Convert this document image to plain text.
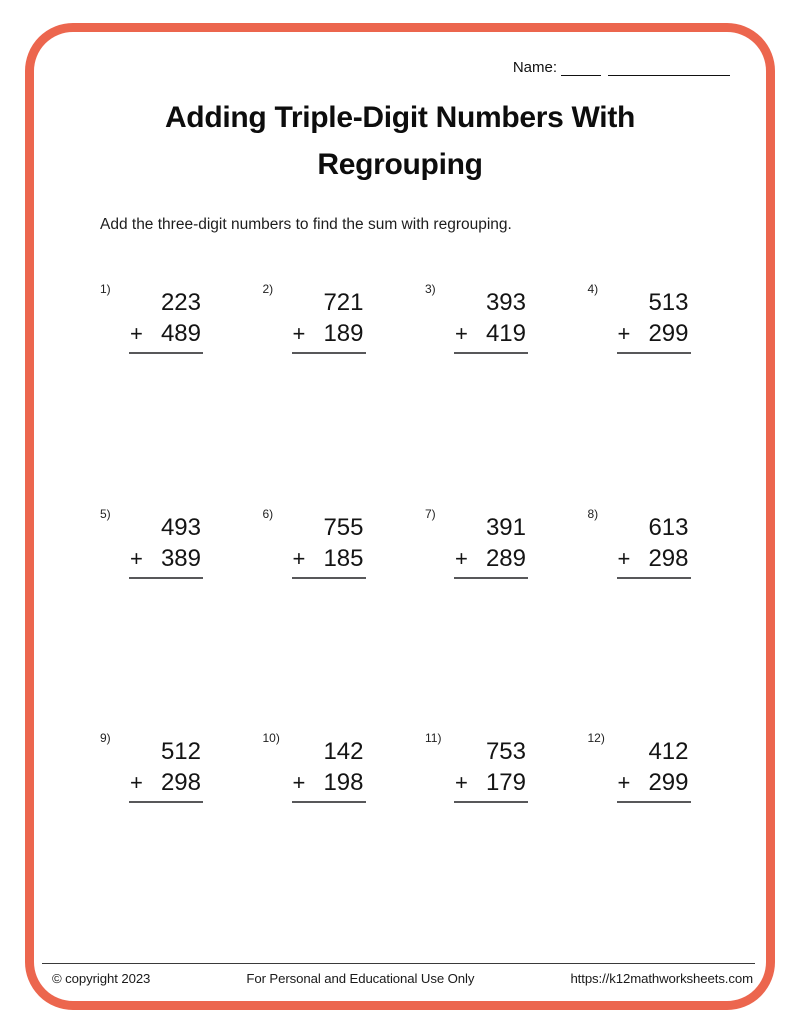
Name:
Adding Triple-Digit Numbers With
Regrouping
Add the three-digit numbers to find the sum with regrouping.
1)	223
+ 489
2)	721
+ 189
3)	393
+ 419
4)	513
+ 299
5)	493
+ 389
6)	755
+ 185
7)	391
+ 289
8)	613
+ 298
9)	512
+ 298
10)	142
+ 198
11)	753
+ 179
12)	412
+ 299
© copyright 2023	For Personal and Educational Use Only	https://k12mathworksheets.com
